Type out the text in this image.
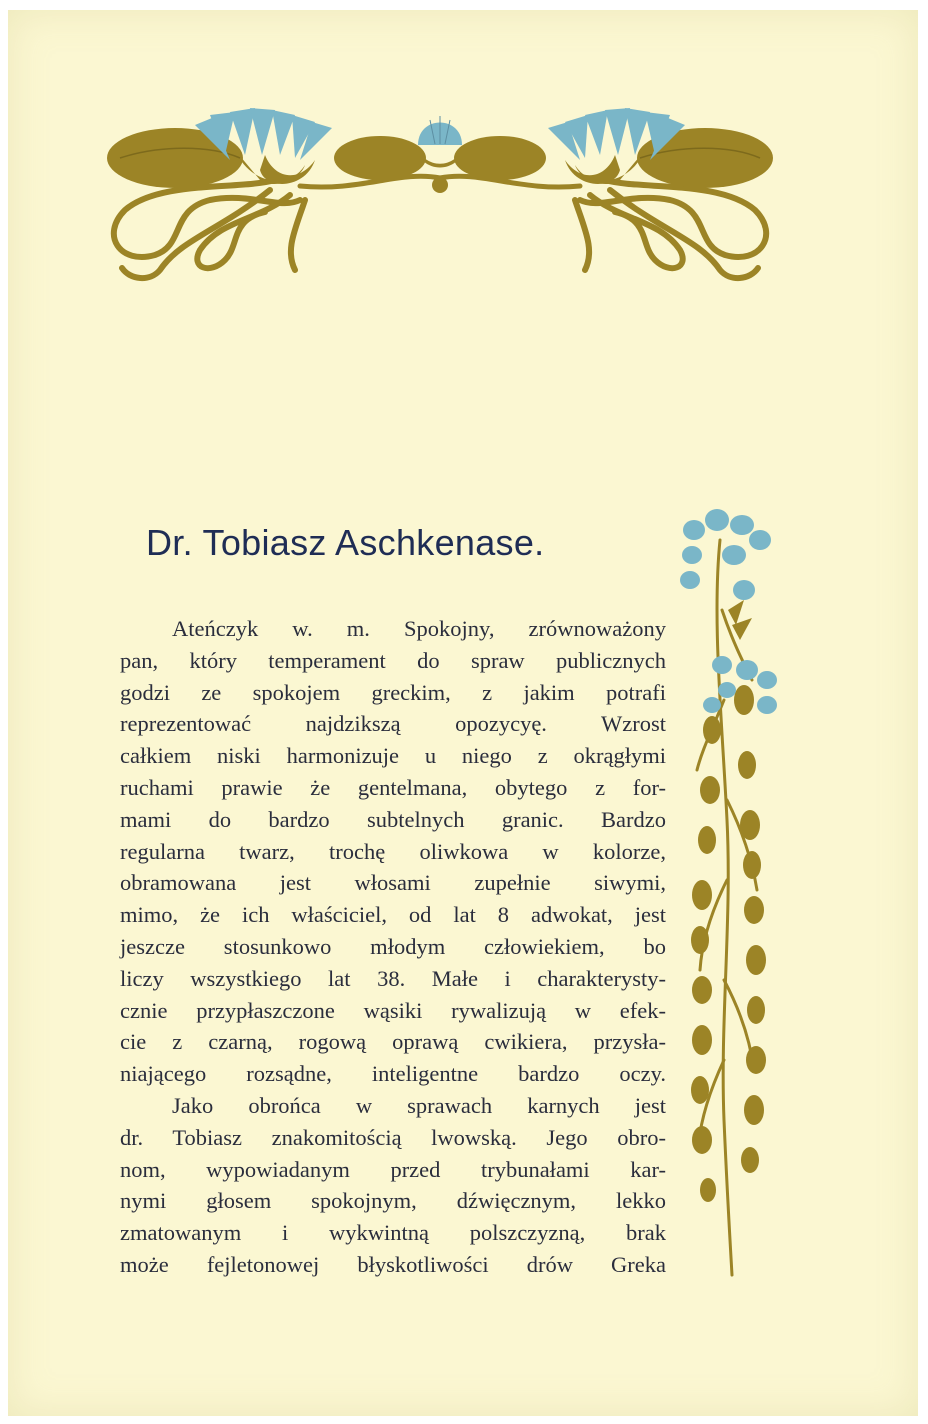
Dr. Tobiasz Aschkenase.
Ateńczyk w. m. Spokojny, zrównoważony
pan, który temperament do spraw publicznych
godzi ze spokojem greckim, z jakim potrafi
reprezentować najdzikszą opozycyę. Wzrost
całkiem niski harmonizuje u niego z okrągłymi
ruchami prawie że gentelmana, obytego z for-
mami do bardzo subtelnych granic. Bardzo
regularna twarz, trochę oliwkowa w kolorze,
obramowana jest włosami zupełnie siwymi,
mimo, że ich właściciel, od lat 8 adwokat, jest
jeszcze stosunkowo młodym człowiekiem, bo
liczy wszystkiego lat 38. Małe i charakterysty-
cznie przypłaszczone wąsiki rywalizują w efek-
cie z czarną, rogową oprawą cwikiera, przysła-
niającego rozsądne, inteligentne bardzo oczy.
Jako obrońca w sprawach karnych jest
dr. Tobiasz znakomitością lwowską. Jego obro-
nom, wypowiadanym przed trybunałami kar-
nymi głosem spokojnym, dźwięcznym, lekko
zmatowanym i wykwintną polszczyzną, brak
może fejletonowej błyskotliwości drów Greka
